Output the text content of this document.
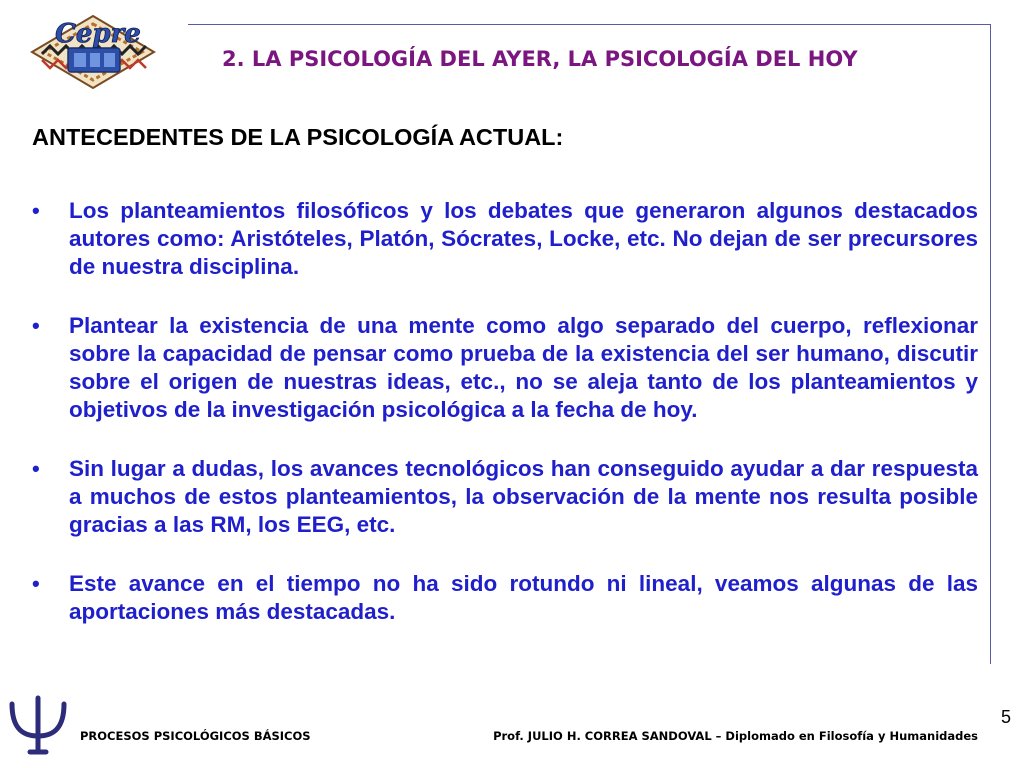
Cepre
2. LA PSICOLOGÍA DEL AYER, LA PSICOLOGÍA DEL HOY
ANTECEDENTES DE LA PSICOLOGÍA ACTUAL:
• Los planteamientos filosóficos y los debates que generaron algunos destacados autores como: Aristóteles, Platón, Sócrates, Locke, etc. No dejan de ser precursores de nuestra disciplina.
• Plantear la existencia de una mente como algo separado del cuerpo, reflexionar sobre la capacidad de pensar como prueba de la existencia del ser humano, discutir sobre el origen de nuestras ideas, etc., no se aleja tanto de los planteamientos y objetivos de la investigación psicológica a la fecha de hoy.
• Sin lugar a dudas, los avances tecnológicos han conseguido ayudar a dar respuesta a muchos de estos planteamientos, la observación de la mente nos resulta posible gracias a las RM, los EEG, etc.
• Este avance en el tiempo no ha sido rotundo ni lineal, veamos algunas de las aportaciones más destacadas.
PROCESOS PSICOLÓGICOS BÁSICOS	Prof. JULIO H. CORREA SANDOVAL – Diplomado en Filosofía y Humanidades
5
